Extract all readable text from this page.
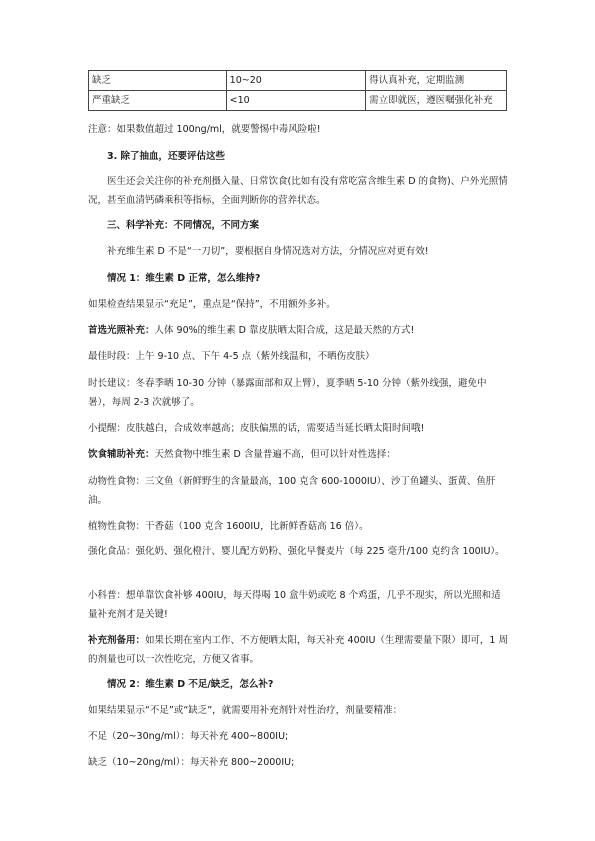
缺乏	10~20	得认真补充，定期监测
严重缺乏	<10	需立即就医，遵医嘱强化补充

注意：如果数值超过 100ng/ml，就要警惕中毒风险啦!

3. 除了抽血，还要评估这些

医生还会关注你的补充剂摄入量、日常饮食(比如有没有常吃富含维生素 D 的食物)、户外光照情况，甚至血清钙磷乘积等指标，全面判断你的营养状态。

三、科学补充：不同情况，不同方案

补充维生素 D 不是“一刀切”，要根据自身情况选对方法，分情况应对更有效!

情况 1：维生素 D 正常，怎么维持?

如果检查结果显示“充足”，重点是“保持”，不用额外多补。

首选光照补充：人体 90%的维生素 D 靠皮肤晒太阳合成，这是最天然的方式!

最佳时段：上午 9-10 点、下午 4-5 点（紫外线温和，不晒伤皮肤）

时长建议：冬春季晒 10-30 分钟（暴露面部和双上臂），夏季晒 5-10 分钟（紫外线强，避免中暑），每周 2-3 次就够了。

小提醒：皮肤越白，合成效率越高；皮肤偏黑的话，需要适当延长晒太阳时间哦!

饮食辅助补充：天然食物中维生素 D 含量普遍不高，但可以针对性选择：

动物性食物：三文鱼（新鲜野生的含量最高，100 克含 600-1000IU）、沙丁鱼罐头、蛋黄、鱼肝油。

植物性食物：干香菇（100 克含 1600IU，比新鲜香菇高 16 倍）。

强化食品：强化奶、强化橙汁、婴儿配方奶粉、强化早餐麦片（每 225 毫升/100 克约含 100IU）。

小科普：想单靠饮食补够 400IU，每天得喝 10 盒牛奶或吃 8 个鸡蛋，几乎不现实，所以光照和适量补充剂才是关键!

补充剂备用：如果长期在室内工作、不方便晒太阳，每天补充 400IU（生理需要量下限）即可，1 周的剂量也可以一次性吃完，方便又省事。

情况 2：维生素 D 不足/缺乏，怎么补?

如果结果显示“不足”或“缺乏”，就需要用补充剂针对性治疗，剂量要精准：

不足（20~30ng/ml）：每天补充 400~800IU;

缺乏（10~20ng/ml）：每天补充 800~2000IU;
